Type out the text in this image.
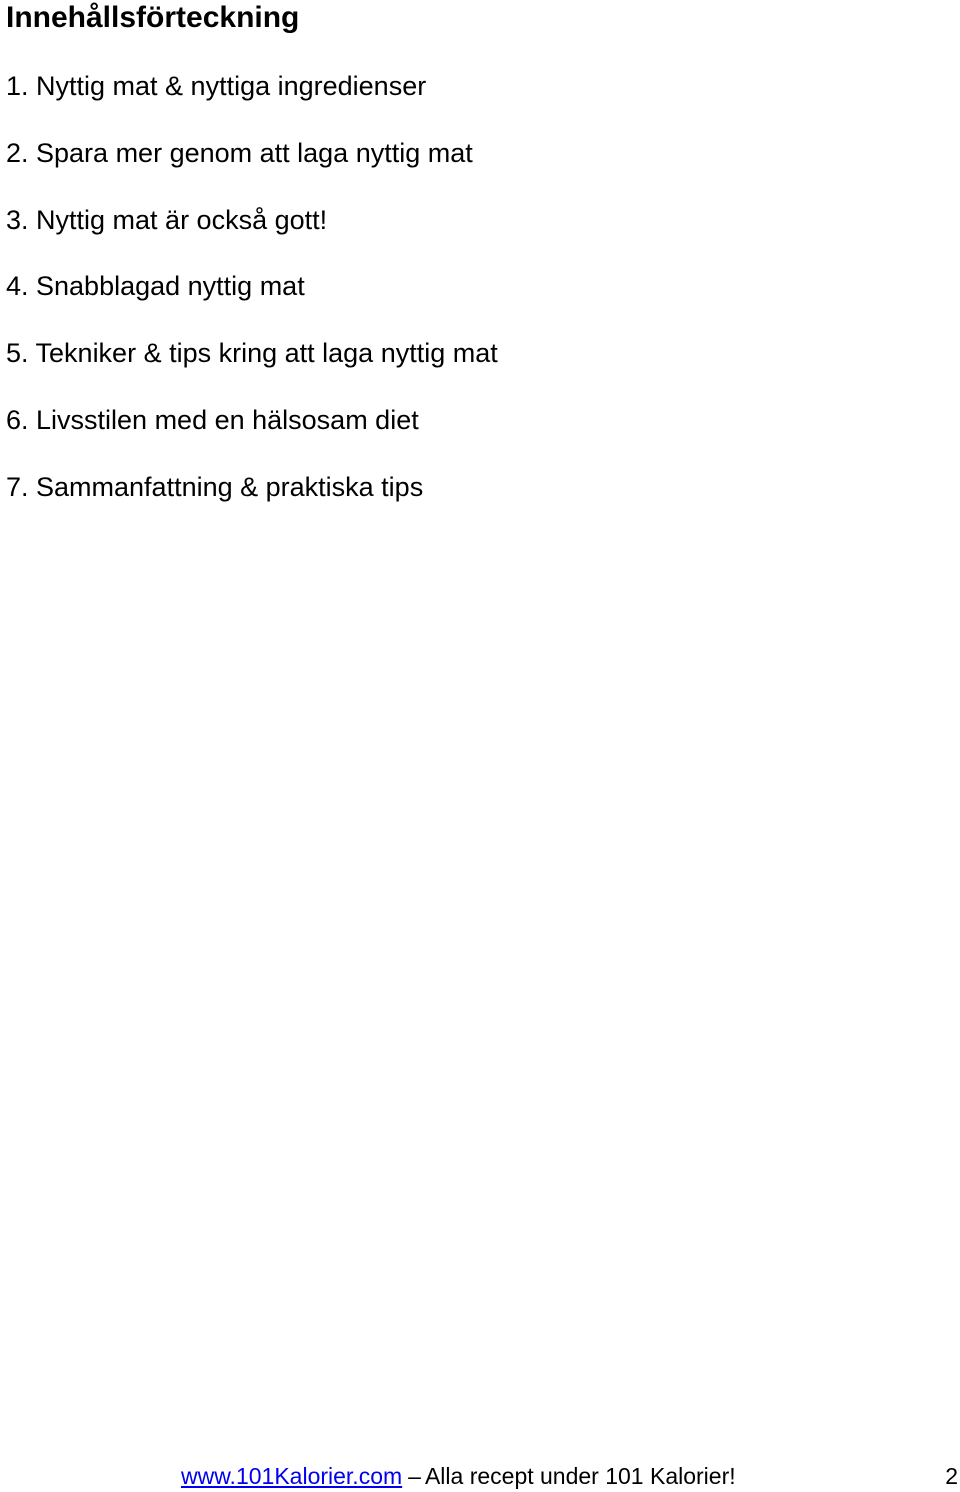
Innehållsförteckning
1. Nyttig mat & nyttiga ingredienser
2. Spara mer genom att laga nyttig mat
3. Nyttig mat är också gott!
4. Snabblagad nyttig mat
5. Tekniker & tips kring att laga nyttig mat
6. Livsstilen med en hälsosam diet
7. Sammanfattning & praktiska tips
www.101Kalorier.com – Alla recept under 101 Kalorier!	2
